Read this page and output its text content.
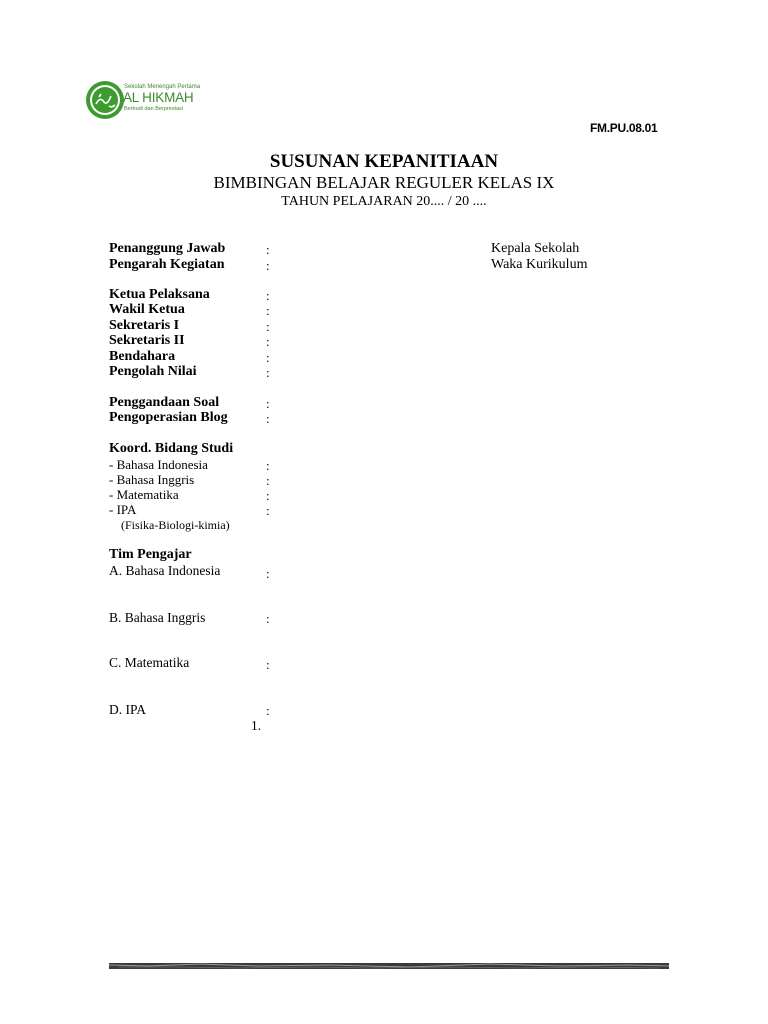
Sekolah Menengah Pertama
AL HIKMAH
Berbudi dan Berprestasi
FM.PU.08.01
SUSUNAN KEPANITIAAN
BIMBINGAN BELAJAR REGULER KELAS IX
TAHUN PELAJARAN 20.... / 20 ....
Penanggung Jawab	:	Kepala Sekolah
Pengarah Kegiatan	:	Waka Kurikulum
Ketua Pelaksana	:
Wakil Ketua	:
Sekretaris I	:
Sekretaris II	:
Bendahara	:
Pengolah Nilai	:
Penggandaan Soal	:
Pengoperasian Blog	:
Koord. Bidang Studi
- Bahasa Indonesia	:
- Bahasa Inggris	:
- Matematika	:
- IPA	:
(Fisika-Biologi-kimia)
Tim Pengajar
A. Bahasa Indonesia	:
B. Bahasa Inggris	:
C. Matematika	:
D. IPA	:
1.
